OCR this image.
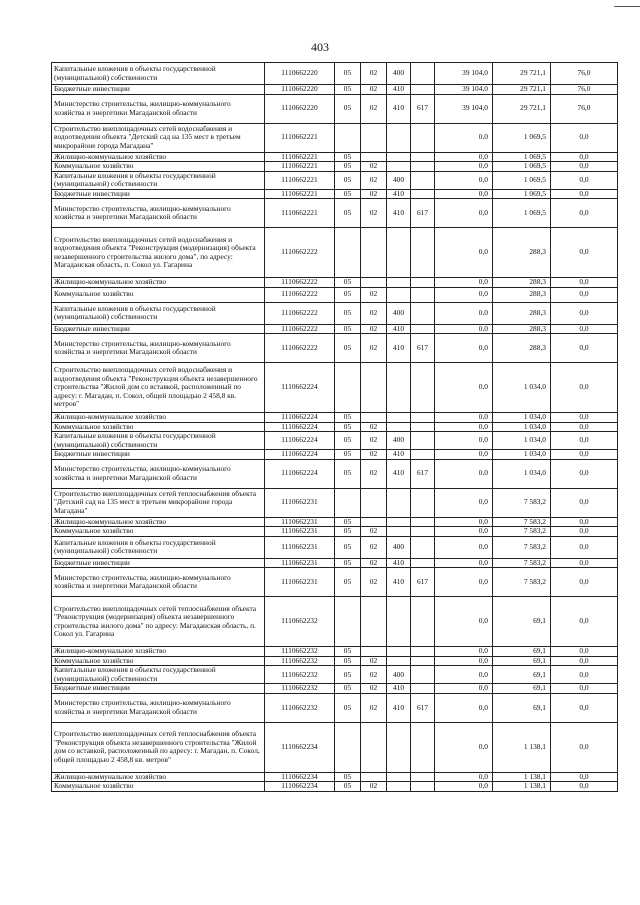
403
Капитальные вложения в объекты государственной (муниципальной) собственности	1110662220	05	02	400		39 104,0	29 721,1	76,0
Бюджетные инвестиции	1110662220	05	02	410		39 104,0	29 721,1	76,0
Министерство строительства, жилищно-коммунального хозяйства и энергетики Магаданской области	1110662220	05	02	410	617	39 104,0	29 721,1	76,0
Строительство внеплощадочных сетей водоснабжения и водоотведения объекта "Детский сад на 135 мест в третьем микрорайоне города Магадана"	1110662221					0,0	1 069,5	0,0
Жилищно-коммунальное хозяйство	1110662221	05				0,0	1 069,5	0,0
Коммунальное хозяйство	1110662221	05	02			0,0	1 069,5	0,0
Капитальные вложения в объекты государственной (муниципальной) собственности	1110662221	05	02	400		0,0	1 069,5	0,0
Бюджетные инвестиции	1110662221	05	02	410		0,0	1 069,5	0,0
Министерство строительства, жилищно-коммунального хозяйства и энергетики Магаданской области	1110662221	05	02	410	617	0,0	1 069,5	0,0
Строительство внеплощадочных сетей водоснабжения и водоотведения объекта "Реконструкция (модернизация) объекта незавершенного строительства жилого дома", по адресу: Магаданская область, п. Сокол ул. Гагарина	1110662222					0,0	288,3	0,0
Жилищно-коммунальное хозяйство	1110662222	05				0,0	288,3	0,0
Коммунальное хозяйство	1110662222	05	02			0,0	288,3	0,0
Капитальные вложения в объекты государственной (муниципальной) собственности	1110662222	05	02	400		0,0	288,3	0,0
Бюджетные инвестиции	1110662222	05	02	410		0,0	288,3	0,0
Министерство строительства, жилищно-коммунального хозяйства и энергетики Магаданской области	1110662222	05	02	410	617	0,0	288,3	0,0
Строительство внеплощадочных сетей водоснабжения и водоотведения объекта "Реконструкция объекта незавершенного строительства "Жилой дом со вставкой, расположенный по адресу: г. Магадан, п. Сокол, общей площадью 2 458,8 кв. метров"	1110662224					0,0	1 034,0	0,0
Жилищно-коммунальное хозяйство	1110662224	05				0,0	1 034,0	0,0
Коммунальное хозяйство	1110662224	05	02			0,0	1 034,0	0,0
Капитальные вложения в объекты государственной (муниципальной) собственности	1110662224	05	02	400		0,0	1 034,0	0,0
Бюджетные инвестиции	1110662224	05	02	410		0,0	1 034,0	0,0
Министерство строительства, жилищно-коммунального хозяйства и энергетики Магаданской области	1110662224	05	02	410	617	0,0	1 034,0	0,0
Строительство внеплощадочных сетей теплоснабжения объекта "Детский сад на 135 мест в третьем микрорайоне города Магадана"	1110662231					0,0	7 583,2	0,0
Жилищно-коммунальное хозяйство	1110662231	05				0,0	7 583,2	0,0
Коммунальное хозяйство	1110662231	05	02			0,0	7 583,2	0,0
Капитальные вложения в объекты государственной (муниципальной) собственности	1110662231	05	02	400		0,0	7 583,2	0,0
Бюджетные инвестиции	1110662231	05	02	410		0,0	7 583,2	0,0
Министерство строительства, жилищно-коммунального хозяйства и энергетики Магаданской области	1110662231	05	02	410	617	0,0	7 583,2	0,0
Строительство внеплощадочных сетей теплоснабжения объекта "Реконструкция (модернизация) объекта незавершенного строительства жилого дома" по адресу: Магаданская область, п. Сокол ул. Гагарина	1110662232					0,0	69,1	0,0
Жилищно-коммунальное хозяйство	1110662232	05				0,0	69,1	0,0
Коммунальное хозяйство	1110662232	05	02			0,0	69,1	0,0
Капитальные вложения в объекты государственной (муниципальной) собственности	1110662232	05	02	400		0,0	69,1	0,0
Бюджетные инвестиции	1110662232	05	02	410		0,0	69,1	0,0
Министерство строительства, жилищно-коммунального хозяйства и энергетики Магаданской области	1110662232	05	02	410	617	0,0	69,1	0,0
Строительство внеплощадочных сетей теплоснабжения объекта "Реконструкция объекта незавершенного строительства "Жилой дом со вставкой, расположенный по адресу: г. Магадан, п. Сокол, общей площадью 2 458,8 кв. метров"	1110662234					0,0	1 138,1	0,0
Жилищно-коммунальное хозяйство	1110662234	05				0,0	1 138,1	0,0
Коммунальное хозяйство	1110662234	05	02			0,0	1 138,1	0,0
